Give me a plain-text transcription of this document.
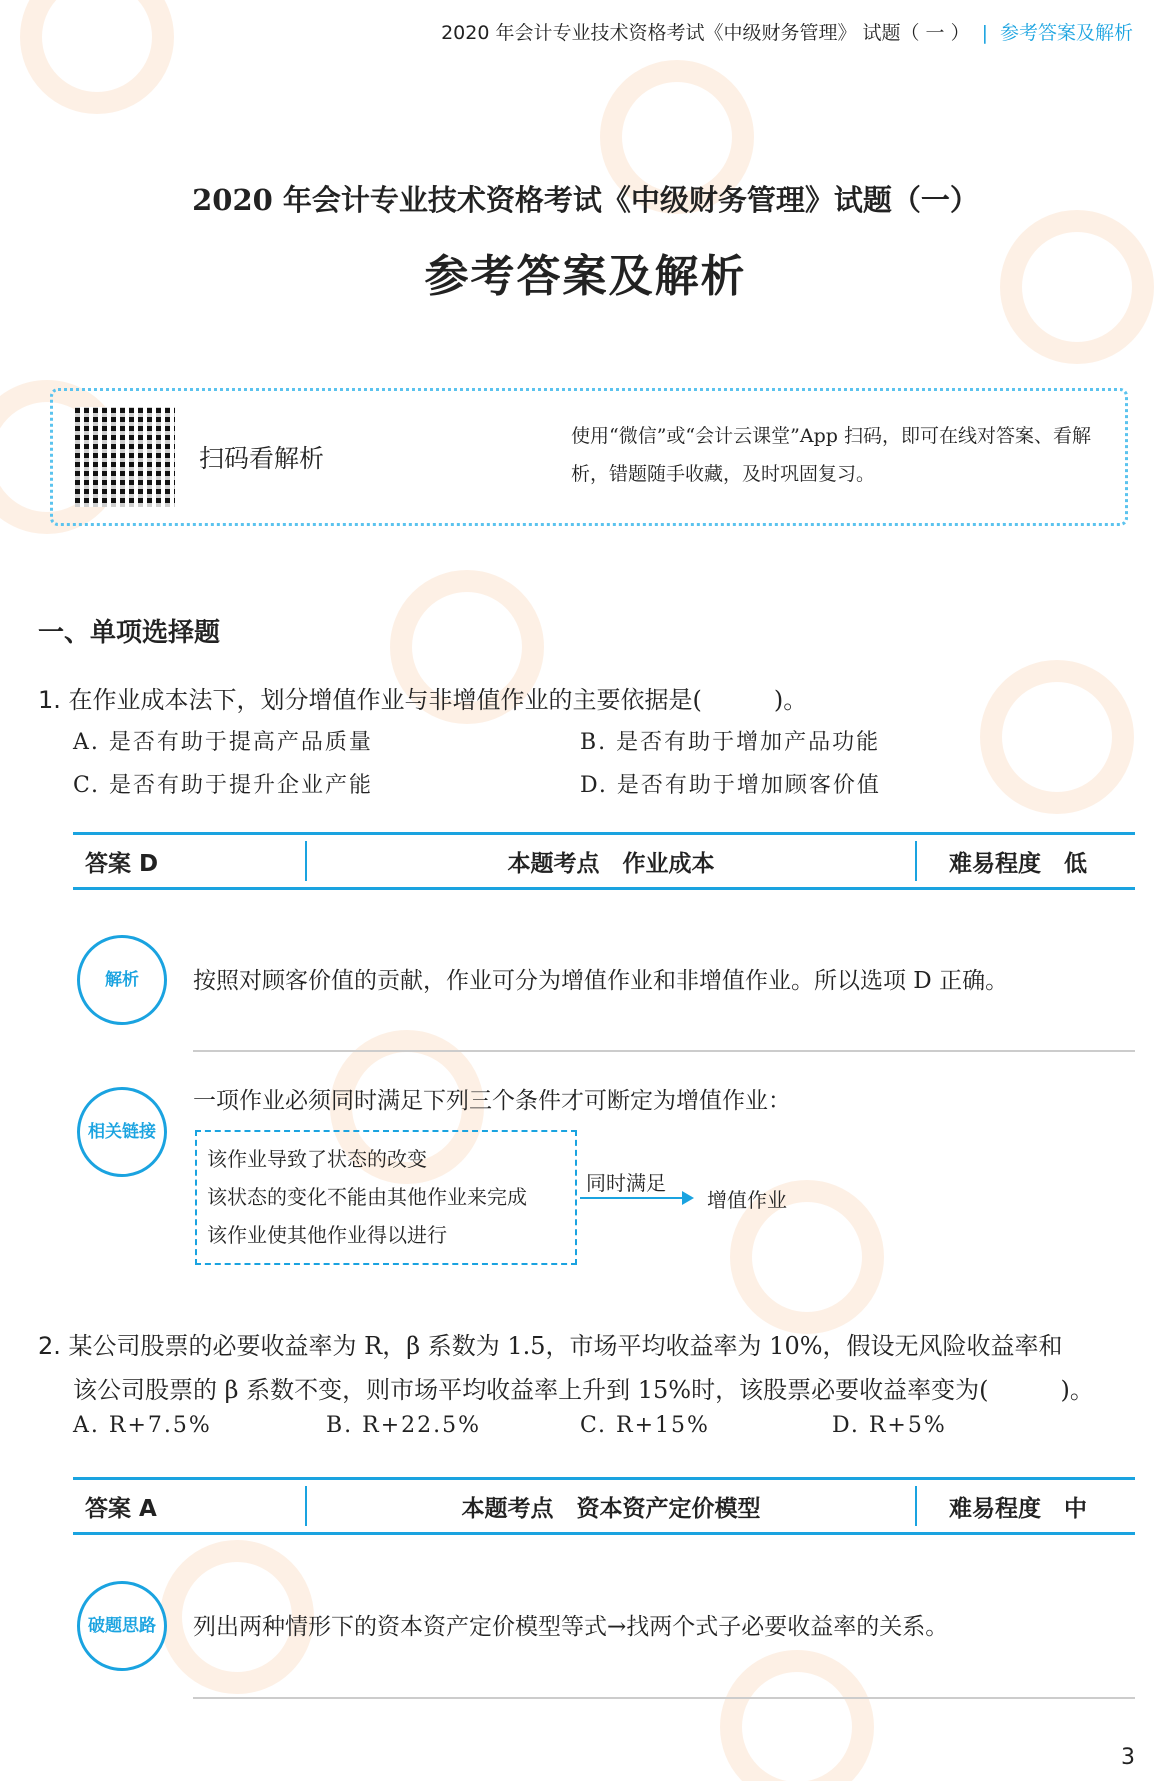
2020 年会计专业技术资格考试《中级财务管理》 试题（ 一 ） | 参考答案及解析
2020 年会计专业技术资格考试《中级财务管理》试题（一）
参考答案及解析
扫码看解析
使用“微信”或“会计云课堂”App 扫码，即可在线对答案、看解析，错题随手收藏，及时巩固复习。
一、单项选择题
1. 在作业成本法下，划分增值作业与非增值作业的主要依据是(　　　)。
A. 是否有助于提高产品质量	B. 是否有助于增加产品功能
C. 是否有助于提升企业产能	D. 是否有助于增加顾客价值
答案 D	本题考点　作业成本	难易程度　低
解析	按照对顾客价值的贡献，作业可分为增值作业和非增值作业。所以选项 D 正确。
相关链接
一项作业必须同时满足下列三个条件才可断定为增值作业：
该作业导致了状态的改变
该状态的变化不能由其他作业来完成
该作业使其他作业得以进行
同时满足
增值作业
2. 某公司股票的必要收益率为 R，β 系数为 1.5，市场平均收益率为 10%，假设无风险收益率和
该公司股票的 β 系数不变，则市场平均收益率上升到 15%时，该股票必要收益率变为(　　　)。
A. R+7.5%	B. R+22.5%	C. R+15%	D. R+5%
答案 A	本题考点　资本资产定价模型	难易程度　中
破题思路	列出两种情形下的资本资产定价模型等式→找两个式子必要收益率的关系。
3
